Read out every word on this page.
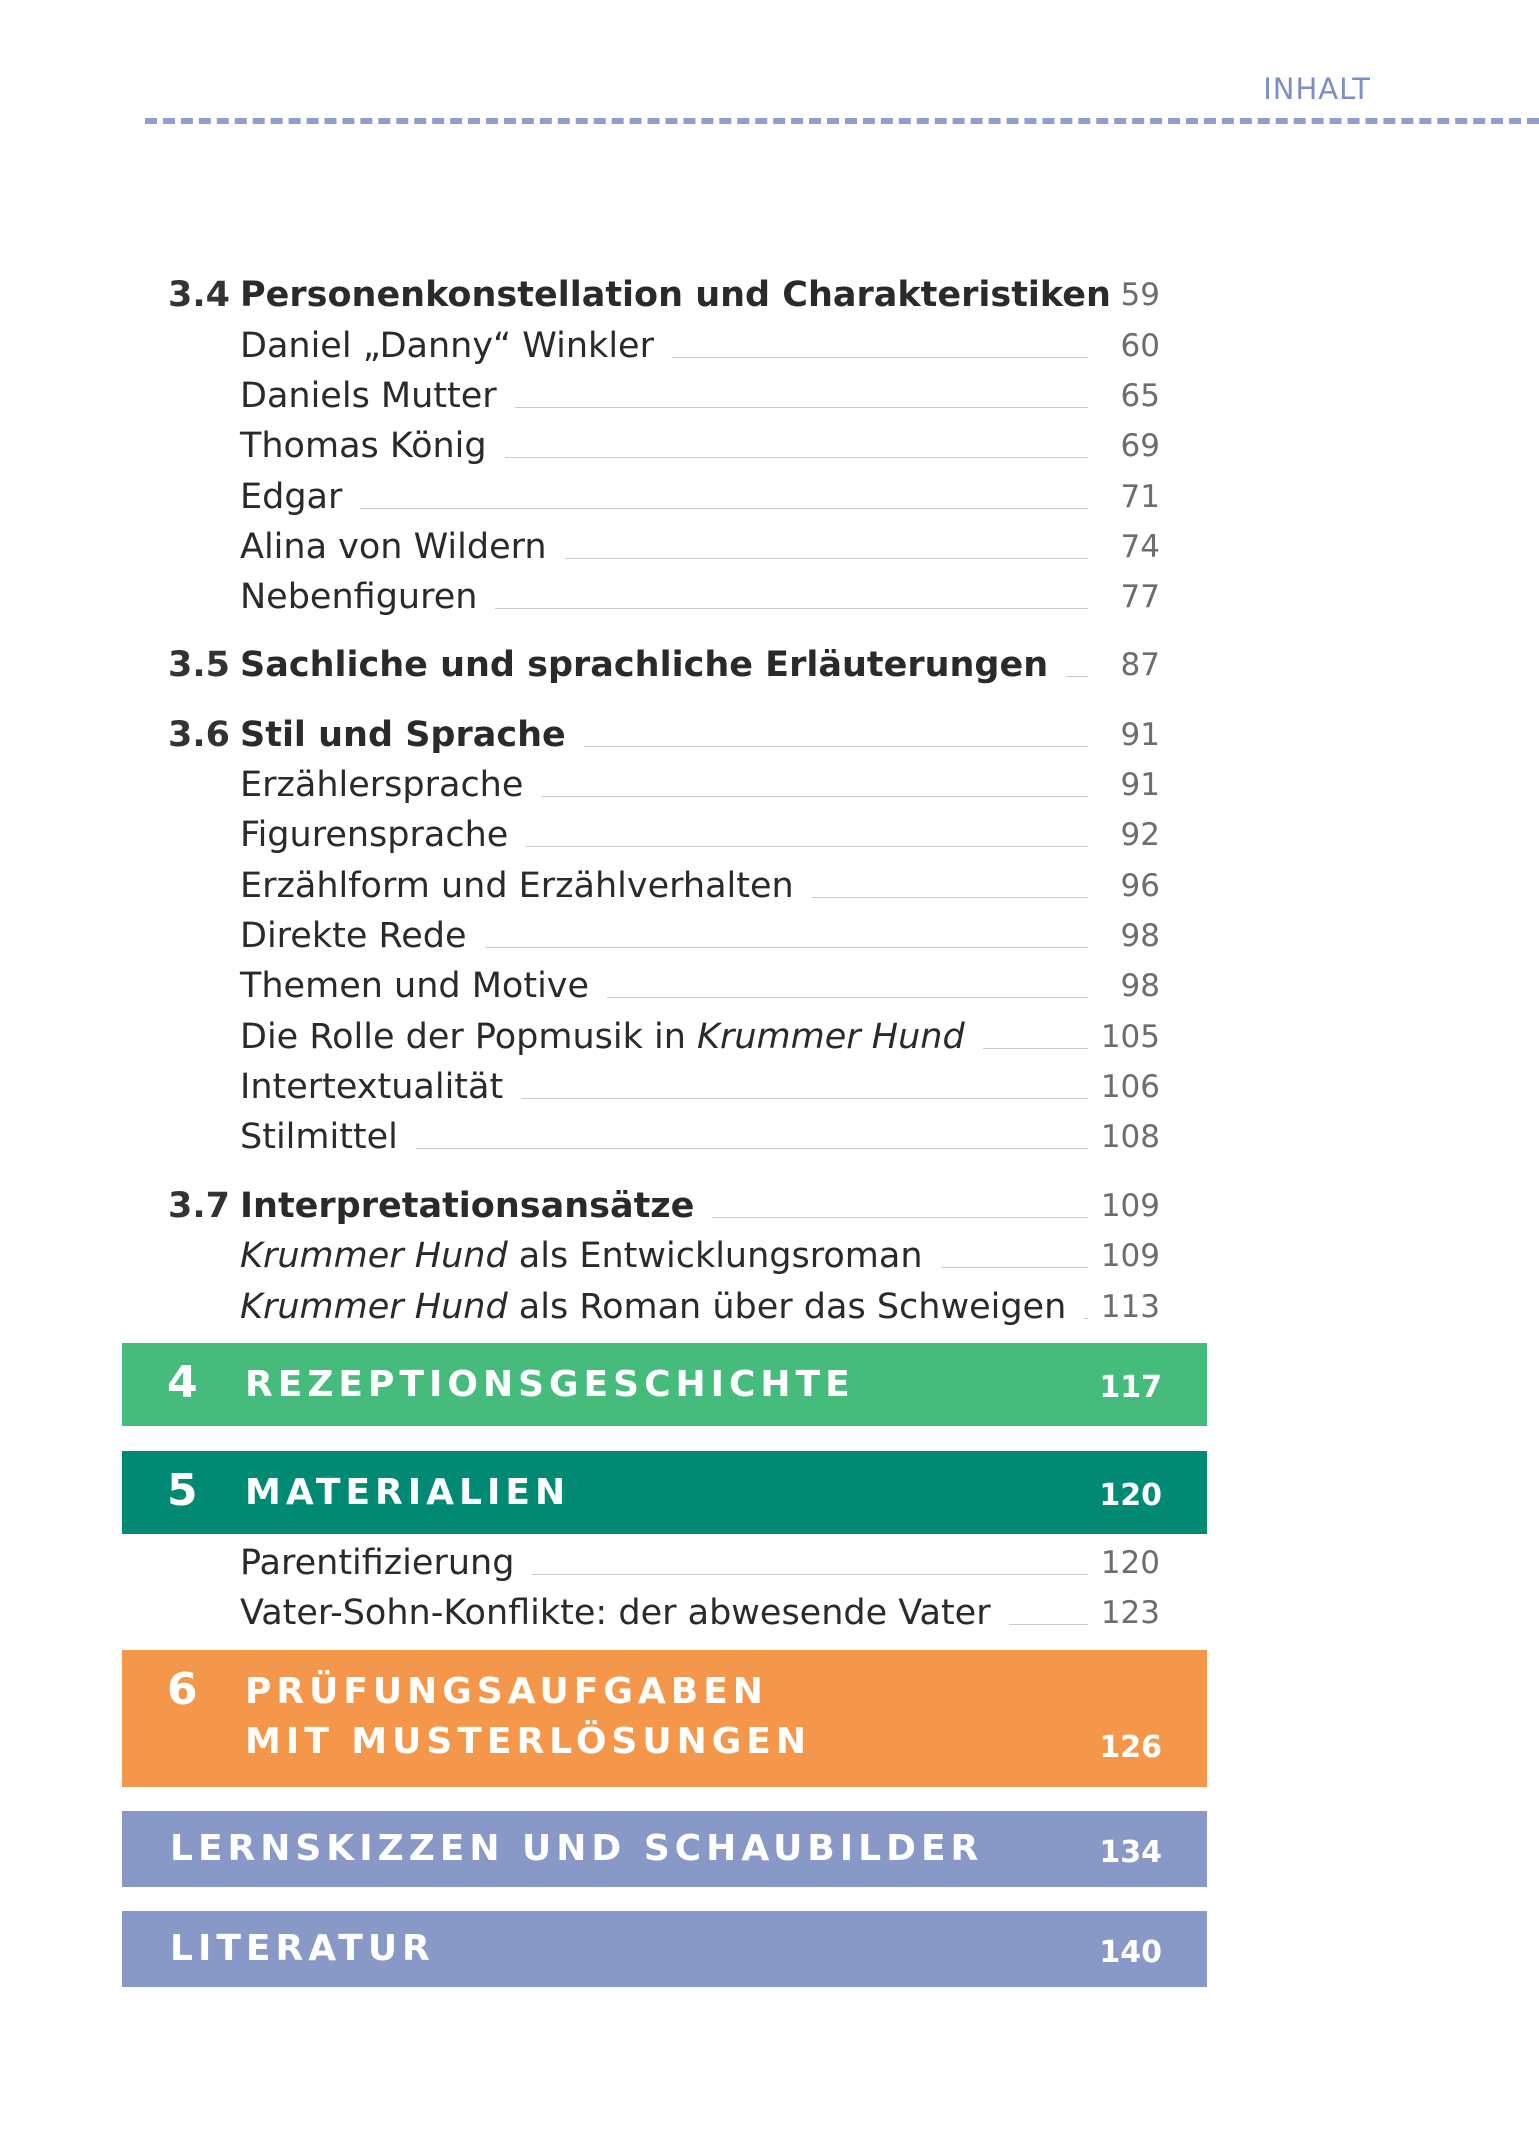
INHALT
3.4 Personenkonstellation und Charakteristiken 59
Daniel „Danny“ Winkler	60
Daniels Mutter	65
Thomas König	69
Edgar	71
Alina von Wildern	74
Nebenfiguren	77
3.5 Sachliche und sprachliche Erläuterungen	87
3.6 Stil und Sprache	91
Erzählersprache	91
Figurensprache	92
Erzählform und Erzählverhalten	96
Direkte Rede	98
Themen und Motive	98
Die Rolle der Popmusik in Krummer Hund	105
Intertextualität	106
Stilmittel	108
3.7 Interpretationsansätze	109
Krummer Hund als Entwicklungsroman	109
Krummer Hund als Roman über das Schweigen	113
4 REZEPTIONSGESCHICHTE	117
5 MATERIALIEN	120
Parentifizierung	120
Vater-Sohn-Konflikte: der abwesende Vater	123
6 PRÜFUNGSAUFGABEN
MIT MUSTERLÖSUNGEN	126
LERNSKIZZEN UND SCHAUBILDER	134
LITERATUR	140
